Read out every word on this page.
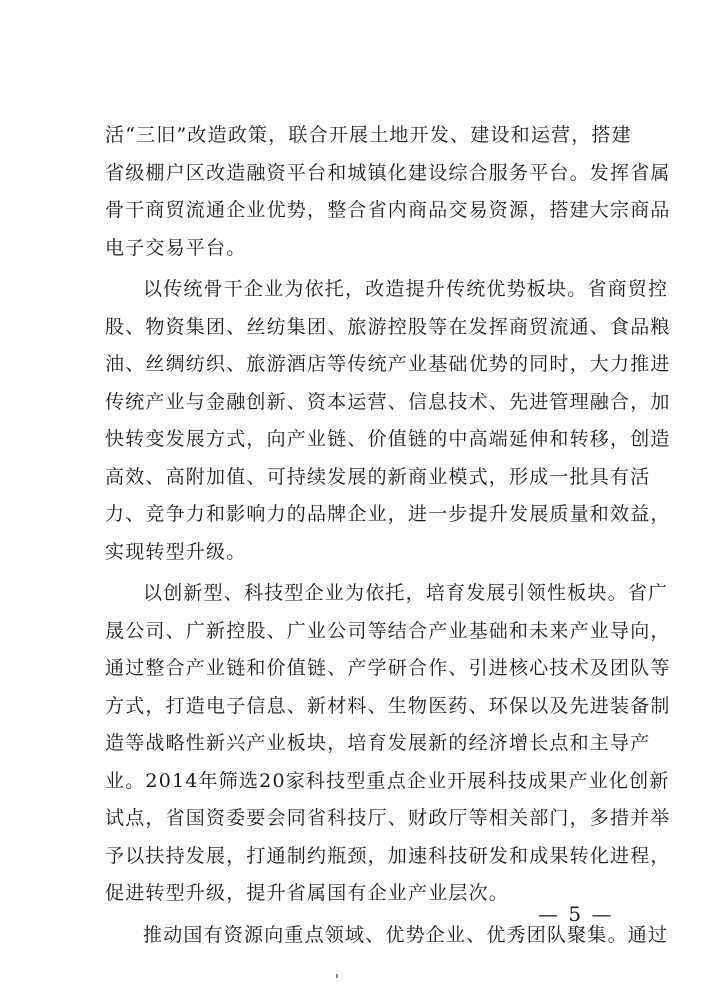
活“三旧”改造政策，联合开展土地开发、建设和运营，搭建
省级棚户区改造融资平台和城镇化建设综合服务平台。发挥省属
骨干商贸流通企业优势，整合省内商品交易资源，搭建大宗商品
电子交易平台。

以传统骨干企业为依托，改造提升传统优势板块。省商贸控
股、物资集团、丝纺集团、旅游控股等在发挥商贸流通、食品粮
油、丝绸纺织、旅游酒店等传统产业基础优势的同时，大力推进
传统产业与金融创新、资本运营、信息技术、先进管理融合，加
快转变发展方式，向产业链、价值链的中高端延伸和转移，创造
高效、高附加值、可持续发展的新商业模式，形成一批具有活
力、竞争力和影响力的品牌企业，进一步提升发展质量和效益，
实现转型升级。

以创新型、科技型企业为依托，培育发展引领性板块。省广
晟公司、广新控股、广业公司等结合产业基础和未来产业导向，
通过整合产业链和价值链、产学研合作、引进核心技术及团队等
方式，打造电子信息、新材料、生物医药、环保以及先进装备制
造等战略性新兴产业板块，培育发展新的经济增长点和主导产
业。2014年筛选20家科技型重点企业开展科技成果产业化创新
试点，省国资委要会同省科技厅、财政厅等相关部门，多措并举
予以扶持发展，打通制约瓶颈，加速科技研发和成果转化进程，
促进转型升级，提升省属国有企业产业层次。

推动国有资源向重点领域、优势企业、优秀团队聚集。通过

— 5 —
